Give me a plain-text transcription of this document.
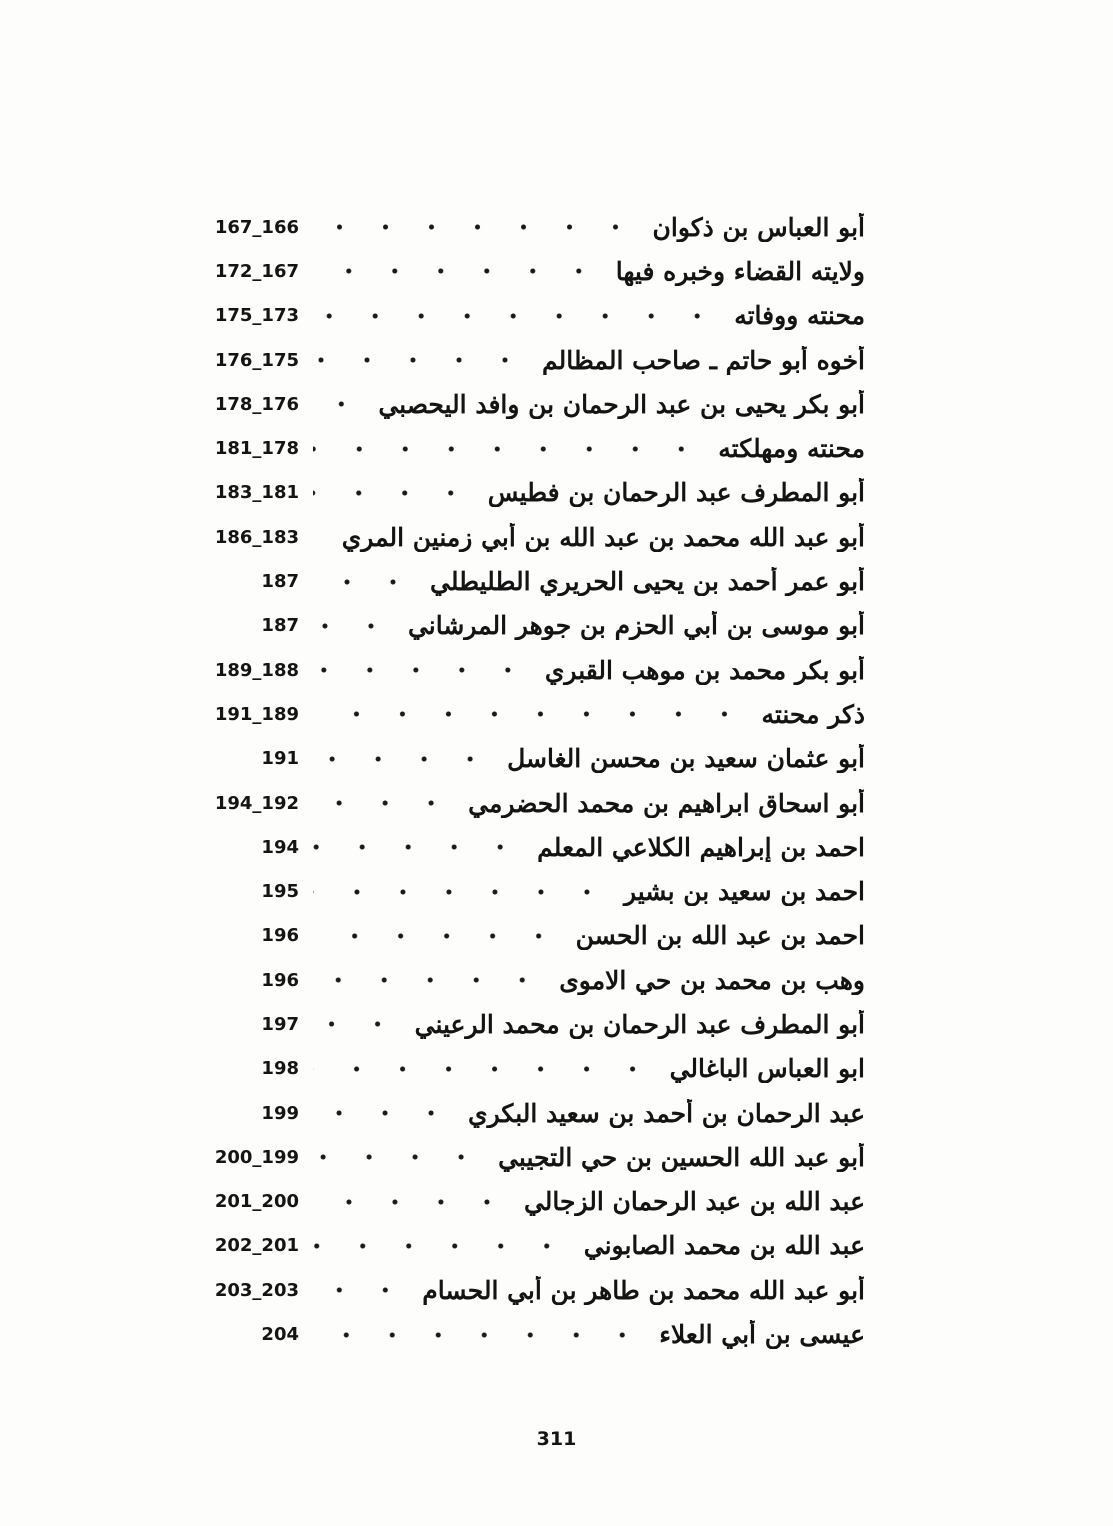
أبو العباس بن ذكوان
167_166
ولايته القضاء وخبره فيها
172_167
محنته ووفاته
175_173
أخوه أبو حاتم ـ صاحب المظالم
176_175
أبو بكر يحيى بن عبد الرحمان بن وافد اليحصبي
178_176
محنته ومهلكته
181_178
أبو المطرف عبد الرحمان بن فطيس
183_181
أبو عبد الله محمد بن عبد الله بن أبي زمنين المري
186_183
أبو عمر أحمد بن يحيى الحريري الطليطلي
187
أبو موسى بن أبي الحزم بن جوهر المرشاني
187
أبو بكر محمد بن موهب القبري
189_188
ذكر محنته
191_189
أبو عثمان سعيد بن محسن الغاسل
191
أبو اسحاق ابراهيم بن محمد الحضرمي
194_192
احمد بن إبراهيم الكلاعي المعلم
194
احمد بن سعيد بن بشير
195
احمد بن عبد الله بن الحسن
196
وهب بن محمد بن حي الاموى
196
أبو المطرف عبد الرحمان بن محمد الرعيني
197
ابو العباس الباغالي
198
عبد الرحمان بن أحمد بن سعيد البكري
199
أبو عبد الله الحسين بن حي التجيبي
200_199
عبد الله بن عبد الرحمان الزجالي
201_200
عبد الله بن محمد الصابوني
202_201
أبو عبد الله محمد بن طاهر بن أبي الحسام
203_203
عيسى بن أبي العلاء
204
311
